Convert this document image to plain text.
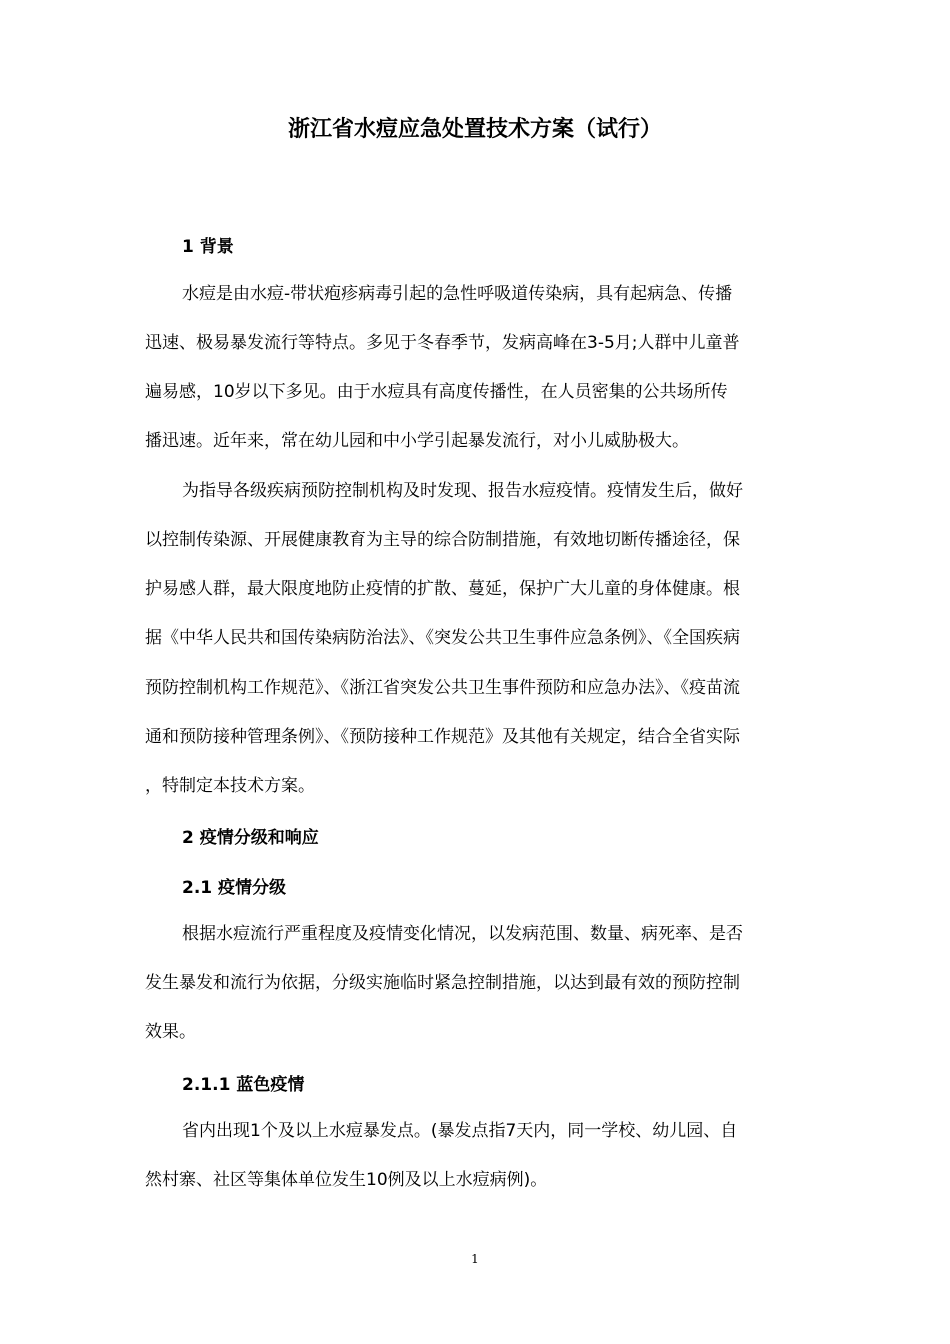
浙江省水痘应急处置技术方案（试行）
1 背景
水痘是由水痘-带状疱疹病毒引起的急性呼吸道传染病，具有起病急、传播
迅速、极易暴发流行等特点。多见于冬春季节，发病高峰在3-5月;人群中儿童普
遍易感，10岁以下多见。由于水痘具有高度传播性，在人员密集的公共场所传
播迅速。近年来，常在幼儿园和中小学引起暴发流行，对小儿威胁极大。
为指导各级疾病预防控制机构及时发现、报告水痘疫情。疫情发生后，做好
以控制传染源、开展健康教育为主导的综合防制措施，有效地切断传播途径，保
护易感人群，最大限度地防止疫情的扩散、蔓延，保护广大儿童的身体健康。根
据《中华人民共和国传染病防治法》、《突发公共卫生事件应急条例》、《全国疾病
预防控制机构工作规范》、《浙江省突发公共卫生事件预防和应急办法》、《疫苗流
通和预防接种管理条例》、《预防接种工作规范》及其他有关规定，结合全省实际
，特制定本技术方案。
2 疫情分级和响应
2.1 疫情分级
根据水痘流行严重程度及疫情变化情况，以发病范围、数量、病死率、是否
发生暴发和流行为依据，分级实施临时紧急控制措施，以达到最有效的预防控制
效果。
2.1.1 蓝色疫情
省内出现1个及以上水痘暴发点。(暴发点指7天内，同一学校、幼儿园、自
然村寨、社区等集体单位发生10例及以上水痘病例)。
1
